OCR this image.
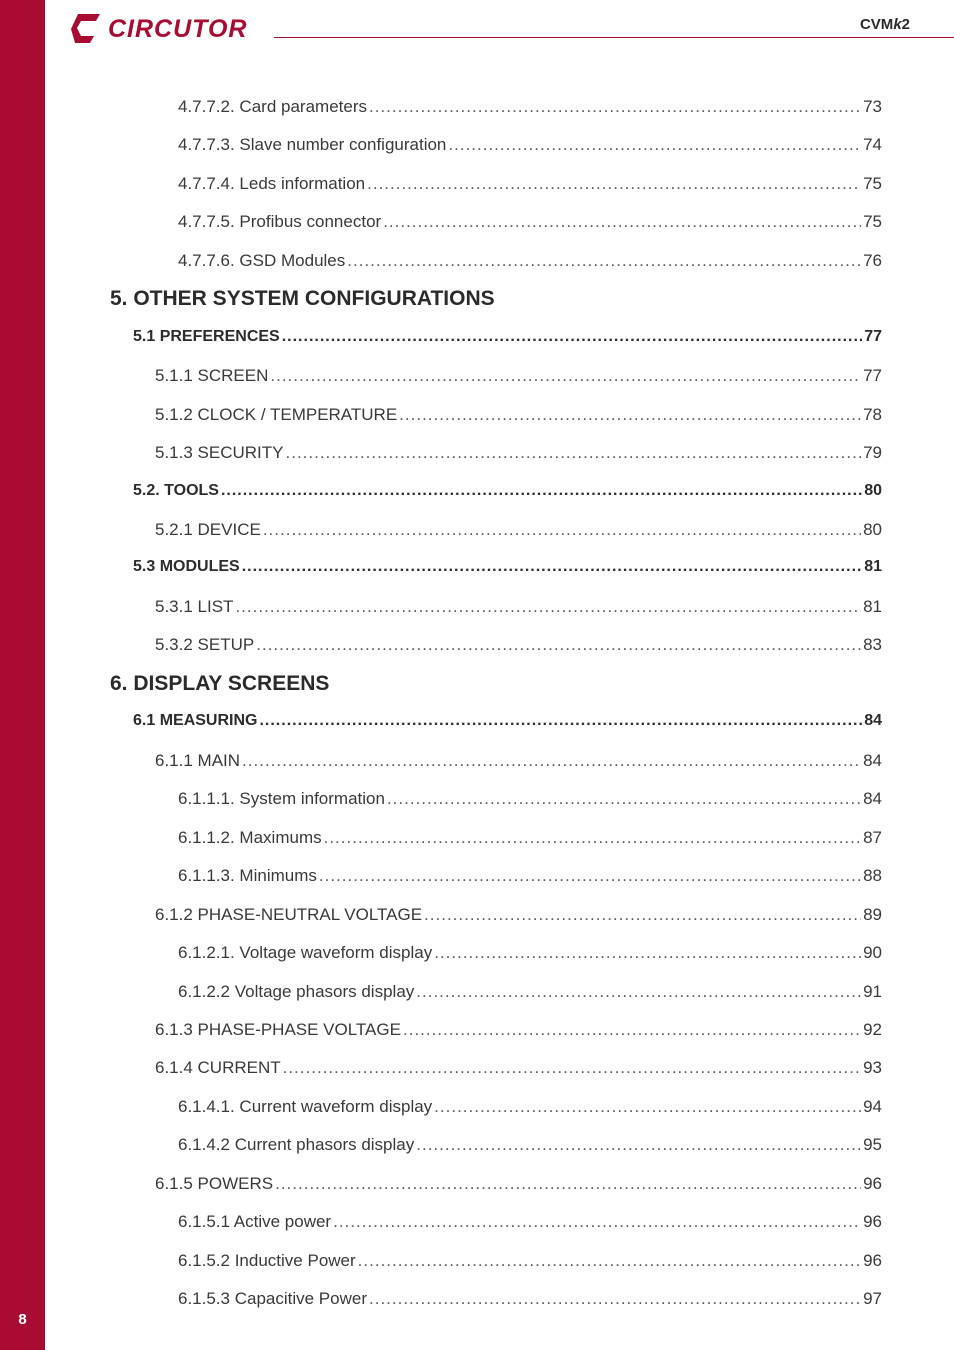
8
CIRCUTOR	CVMk2
4.7.7.2. Card parameters .....	73
4.7.7.3. Slave number configuration .....	74
4.7.7.4. Leds information .....	75
4.7.7.5. Profibus connector .....	75
4.7.7.6. GSD Modules .....	76
5. OTHER SYSTEM CONFIGURATIONS
5.1 PREFERENCES .....	77
5.1.1 SCREEN .....	77
5.1.2 CLOCK / TEMPERATURE .....	78
5.1.3 SECURITY .....	79
5.2. TOOLS .....	80
5.2.1 DEVICE .....	80
5.3 MODULES .....	81
5.3.1 LIST .....	81
5.3.2 SETUP .....	83
6. DISPLAY SCREENS
6.1 MEASURING .....	84
6.1.1 MAIN .....	84
6.1.1.1. System information .....	84
6.1.1.2. Maximums .....	87
6.1.1.3. Minimums .....	88
6.1.2 PHASE-NEUTRAL VOLTAGE .....	89
6.1.2.1. Voltage waveform display .....	90
6.1.2.2 Voltage phasors display .....	91
6.1.3 PHASE-PHASE VOLTAGE .....	92
6.1.4 CURRENT .....	93
6.1.4.1. Current waveform display .....	94
6.1.4.2 Current phasors display .....	95
6.1.5 POWERS .....	96
6.1.5.1 Active power .....	96
6.1.5.2 Inductive Power .....	96
6.1.5.3 Capacitive Power .....	97
